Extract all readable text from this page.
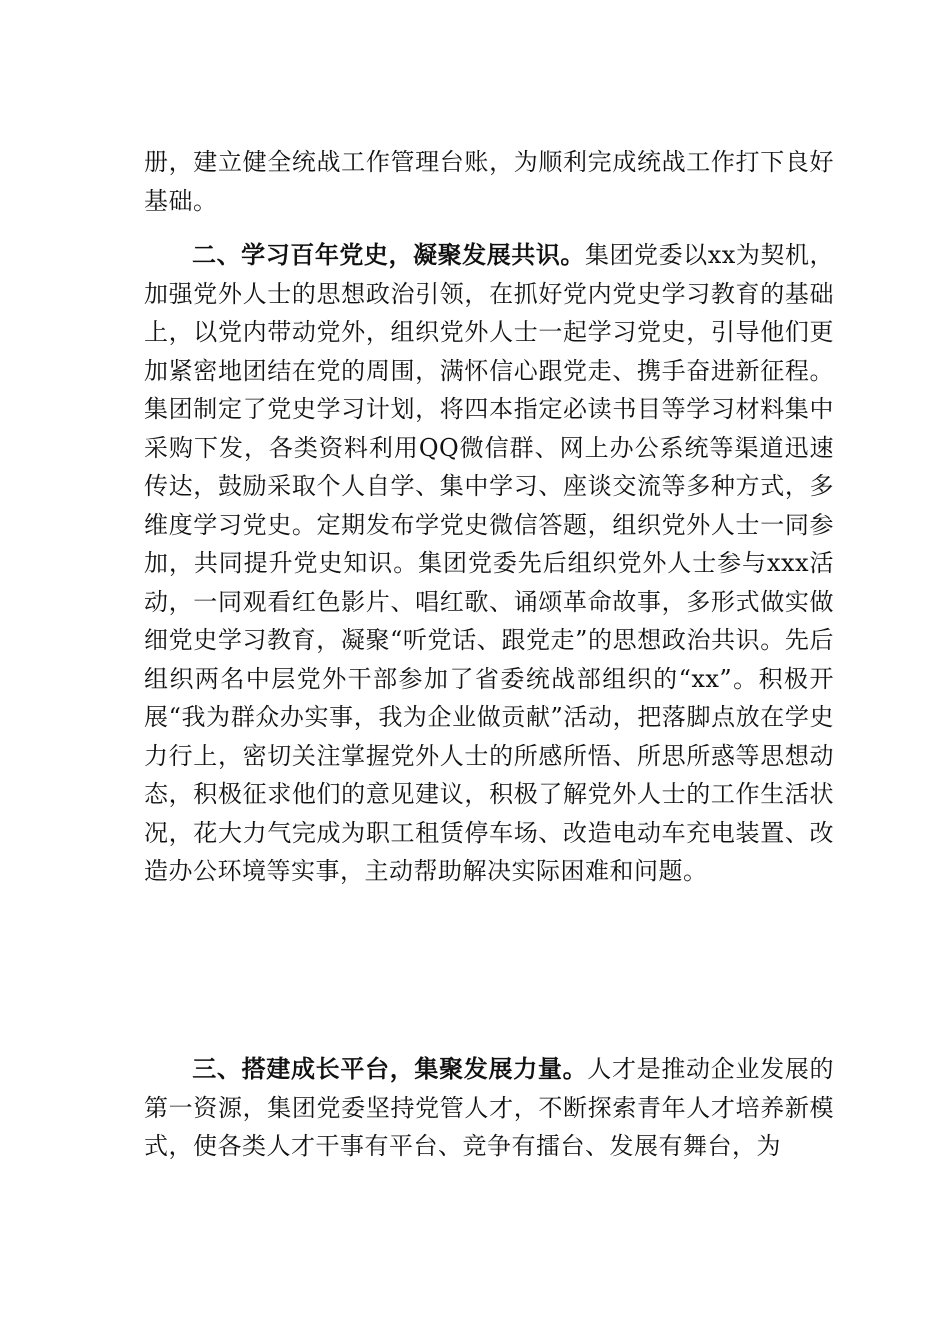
册，建立健全统战工作管理台账，为顺利完成统战工作打下良好基础。
二、学习百年党史，凝聚发展共识。集团党委以xx为契机，加强党外人士的思想政治引领，在抓好党内党史学习教育的基础上，以党内带动党外，组织党外人士一起学习党史，引导他们更加紧密地团结在党的周围，满怀信心跟党走、携手奋进新征程。集团制定了党史学习计划，将四本指定必读书目等学习材料集中采购下发，各类资料利用QQ微信群、网上办公系统等渠道迅速传达，鼓励采取个人自学、集中学习、座谈交流等多种方式，多维度学习党史。定期发布学党史微信答题，组织党外人士一同参加，共同提升党史知识。集团党委先后组织党外人士参与xxx活动，一同观看红色影片、唱红歌、诵颂革命故事，多形式做实做细党史学习教育，凝聚“听党话、跟党走”的思想政治共识。先后组织两名中层党外干部参加了省委统战部组织的“xx”。积极开展“我为群众办实事，我为企业做贡献”活动，把落脚点放在学史力行上，密切关注掌握党外人士的所感所悟、所思所惑等思想动态，积极征求他们的意见建议，积极了解党外人士的工作生活状况，花大力气完成为职工租赁停车场、改造电动车充电装置、改造办公环境等实事，主动帮助解决实际困难和问题。
三、搭建成长平台，集聚发展力量。人才是推动企业发展的第一资源，集团党委坚持党管人才，不断探索青年人才培养新模式，使各类人才干事有平台、竞争有擂台、发展有舞台，为
